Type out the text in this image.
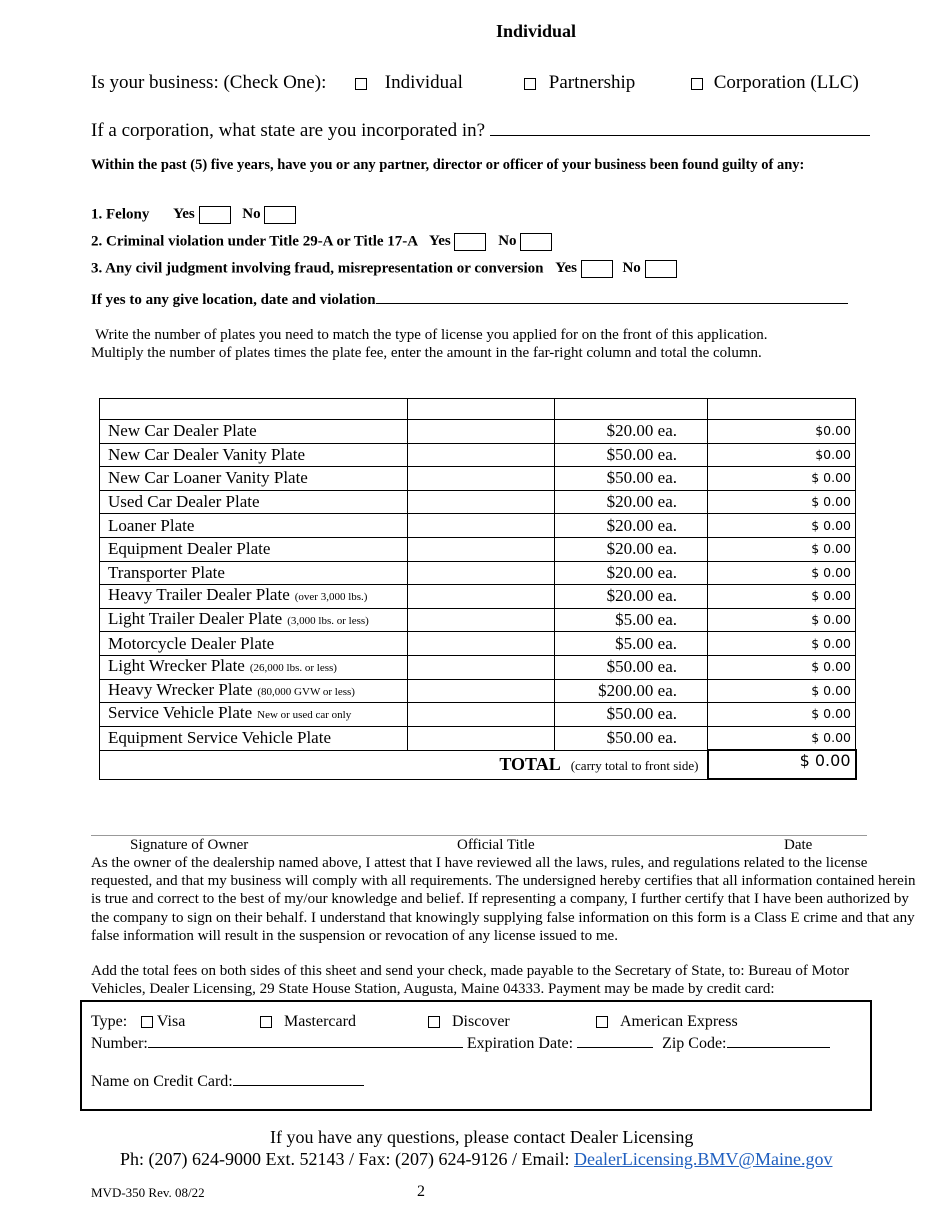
Individual
Is your business: (Check One):	Individual	Partnership	Corporation (LLC)
If a corporation, what state are you incorporated in?
Within the past (5) five years, have you or any partner, director or officer of your business been found guilty of any:
1. Felony Yes	No
2. Criminal violation under Title 29-A or Title 17-A Yes	No
3. Any civil judgment involving fraud, misrepresentation or conversion Yes	No
If yes to any give location, date and violation
Write the number of plates you need to match the type of license you applied for on the front of this application.
Multiply the number of plates times the plate fee, enter the amount in the far-right column and total the column.

New Car Dealer Plate		$20.00 ea.	$0.00
New Car Dealer Vanity Plate		$50.00 ea.	$0.00
New Car Loaner Vanity Plate		$50.00 ea.	$ 0.00
Used Car Dealer Plate		$20.00 ea.	$ 0.00
Loaner Plate		$20.00 ea.	$ 0.00
Equipment Dealer Plate		$20.00 ea.	$ 0.00
Transporter Plate		$20.00 ea.	$ 0.00
Heavy Trailer Dealer Plate (over 3,000 lbs.)		$20.00 ea.	$ 0.00
Light Trailer Dealer Plate (3,000 lbs. or less)		$5.00 ea.	$ 0.00
Motorcycle Dealer Plate		$5.00 ea.	$ 0.00
Light Wrecker Plate (26,000 lbs. or less)		$50.00 ea.	$ 0.00
Heavy Wrecker Plate (80,000 GVW or less)		$200.00 ea.	$ 0.00
Service Vehicle Plate New or used car only		$50.00 ea.	$ 0.00
Equipment Service Vehicle Plate		$50.00 ea.	$ 0.00
TOTAL (carry total to front side)			$ 0.00
Signature of Owner	Official Title	Date
As the owner of the dealership named above, I attest that I have reviewed all the laws, rules, and regulations related to the license requested, and that my business will comply with all requirements. The undersigned hereby certifies that all information contained herein is true and correct to the best of my/our knowledge and belief. If representing a company, I further certify that I have been authorized by the company to sign on their behalf. I understand that knowingly supplying false information on this form is a Class E crime and that any false information will result in the suspension or revocation of any license issued to me.
Add the total fees on both sides of this sheet and send your check, made payable to the Secretary of State, to: Bureau of Motor Vehicles, Dealer Licensing, 29 State House Station, Augusta, Maine 04333. Payment may be made by credit card:
Type: Visa	Mastercard	Discover	American Express
Number:	Expiration Date:	Zip Code:
Name on Credit Card:
If you have any questions, please contact Dealer Licensing
Ph: (207) 624-9000 Ext. 52143 / Fax: (207) 624-9126 / Email: DealerLicensing.BMV@Maine.gov
MVD-350 Rev. 08/22	2
